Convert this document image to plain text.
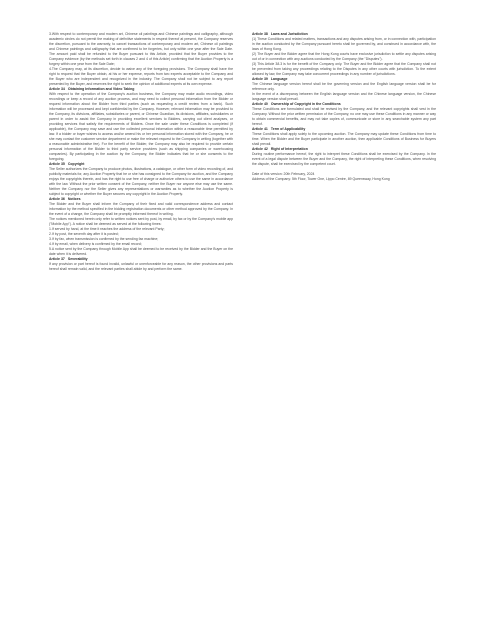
3.With respect to contemporary and modern art, Chinese oil paintings and Chinese paintings and calligraphy, although academic circles do not permit the making of definitive statements in respect thereof at present, the Company reserves the discretion, pursuant to the warranty, to cancel transactions of contemporary and modern art, Chinese oil paintings and Chinese paintings and calligraphy that are confirmed to be forgeries, but only within one year after the Sale Date. The amount paid shall be refunded to the Buyer pursuant to this Article, provided that the Buyer provides to the Company evidence (by the methods set forth in clauses 2 and 4 of this Article) confirming that the Auction Property is a forgery within one year from the Sale Date;

4.The Company may, at its discretion, decide to waive any of the foregoing provisions. The Company shall have the right to request that the Buyer obtain, at his or her expense, reports from two experts acceptable to the Company and the Buyer who are independent and recognized in the industry. The Company shall not be subject to any report presented by the Buyer, and reserves the right to seek the opinion of additional experts at its own expense.

Article 34 Obtaining Information and Video Taking

With respect to the operation of the Company's auction business, the Company may make audio recordings, video recordings or keep a record of any auction process, and may need to collect personal information from the Bidder or request information about the Bidder from third parties (such as requesting a credit review from a bank). Such information will be processed and kept confidential by the Company. However, relevant information may be provided to the Company, its divisions, affiliates, subsidiaries or parent, or Chinese Guardian, its divisions, affiliates, subsidiaries or parent in order to assist the Company in providing excellent services to Bidders, carrying out client analyses, or providing services that satisfy the requirements of Bidders. Once the sale under these Conditions is completed (if applicable), the Company may save and use the collected personal information within a reasonable time permitted by law. If a bidder or buyer wishes to access and/or amend his or her personal information stored with the Company, he or she may contact the customer service department or make the relevant request to the Company in writing (together with a reasonable administrative fee). For the benefit of the Bidder, the Company may also be required to provide certain personal information of the Bidder to third party service providers (such as shipping companies or warehousing companies). By participating in the auction by the Company, the Bidder indicates that he or she consents to the foregoing.

Article 35 Copyright

The Seller authorizes the Company to produce photos, illustrations, a catalogue, or other form of video recording of, and publicity materials for, any Auction Property that he or she has consigned to the Company for auction, and the Company enjoys the copyrights therein, and has the right to use free of charge or authorize others to use the same in accordance with the law. Without the prior written consent of the Company, neither the Buyer nor anyone else may use the same. Neither the Company nor the Seller gives any representations or warranties as to whether the Auction Property is subject to copyright or whether the Buyer secures any copyright in the Auction Property.

Article 36 Notices

The Bidder and the Buyer shall inform the Company of their fixed and valid correspondence address and contact information by the method specified in the bidding registration documents or other method approved by the Company. In the event of a change, the Company shall be promptly informed thereof in writing.

The notices mentioned herein only refer to written notices sent by post, by email, by fax or by the Company's mobile app ("Mobile App"). A notice shall be deemed as served at the following times:

1.If served by hand, at the time it reaches the address of the relevant Party;

2.If by post, the seventh day after it is posted;

3.If by fax, when transmission is confirmed by the sending fax machine;

4.If by email, when delivery is confirmed by the email record;

5.A notice sent by the Company through Mobile App shall be deemed to be received by the Bidder and the Buyer on the date when it is delivered.

Article 37 Severability

If any provision or part hereof is found invalid, unlawful or unenforceable for any reason, the other provisions and parts hereof shall remain valid, and the relevant parties shall abide by and perform the same.

Article 38 Laws and Jurisdiction

(1) These Conditions and related matters, transactions and any disputes arising from, or in connection with, participation in the auction conducted by the Company pursuant hereto shall be governed by, and construed in accordance with, the laws of Hong Kong.

(2) The Buyer and the Bidder agree that the Hong Kong courts have exclusive jurisdiction to settle any disputes arising out of or in connection with any auctions conducted by the Company (the "Disputes").

(3) This Article 38.3 is for the benefit of the Company only. The Buyer and the Bidder agree that the Company shall not be prevented from taking any proceedings relating to the Disputes in any other courts with jurisdiction. To the extent allowed by law, the Company may take concurrent proceedings in any number of jurisdictions.

Article 39 Language

The Chinese language version hereof shall be the governing version and the English language version shall be for reference only.

In the event of a discrepancy between the English language version and the Chinese language version, the Chinese language version shall prevail.

Article 40 Ownership of Copyright in the Conditions

These Conditions are formulated and shall be revised by the Company, and the relevant copyrights shall vest in the Company. Without the prior written permission of the Company, no one may use these Conditions in any manner or way to obtain commercial benefits, and may not take copies of, communicate or store in any searchable system any part hereof.

Article 41 Term of Applicability

These Conditions shall apply solely to the upcoming auction. The Company may update these Conditions from time to time. When the Bidder and the Buyer participate in another auction, then applicable Conditions of Business for Buyers shall prevail.

Article 42 Right of Interpretation

During routine performance hereof, the right to interpret these Conditions shall be exercised by the Company. In the event of a legal dispute between the Buyer and the Company, the right of interpreting these Conditions, when resolving the dispute, shall be exercised by the competent court.

Date of this version: 20th February, 2024

Address of the Company: 5th Floor, Tower One, Lippo Centre, 89 Queensway, Hong Kong
